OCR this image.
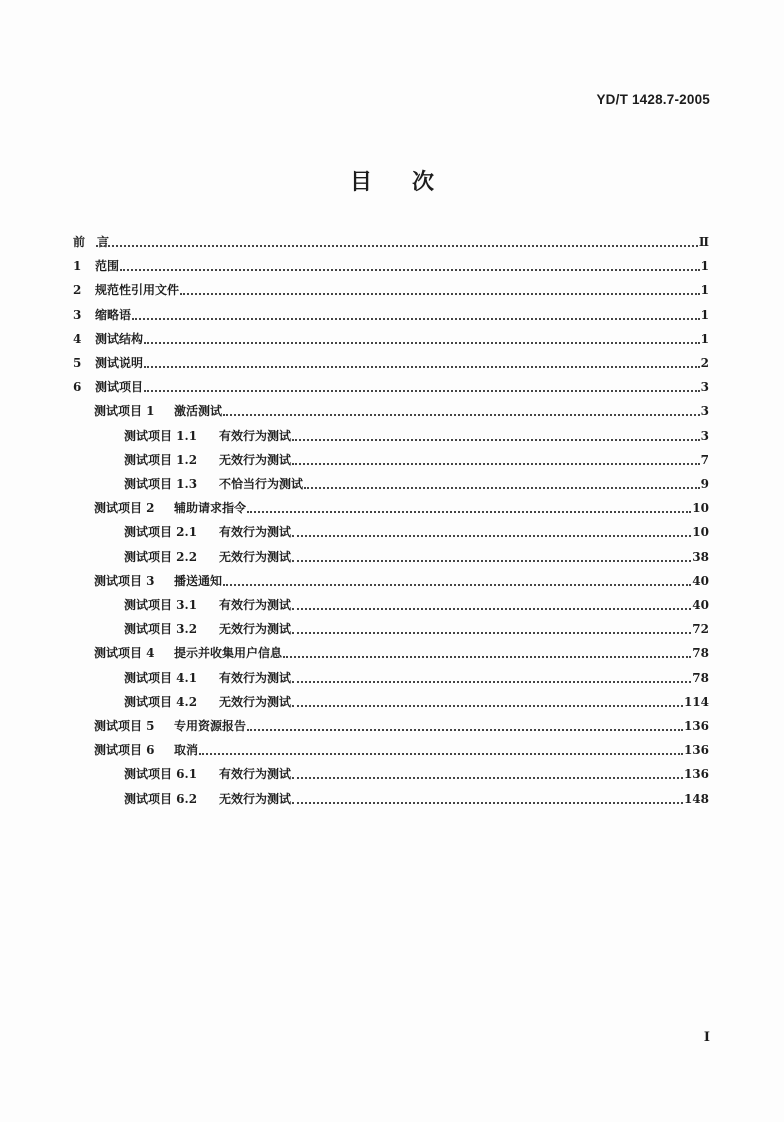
YD/T 1428.7-2005
目 次
前　言	Ⅱ
1	范围	1
2	规范性引用文件	1
3	缩略语	1
4	测试结构	1
5	测试说明	2
6	测试项目	3
测试项目 1	激活测试	3
测试项目 1.1	有效行为测试	3
测试项目 1.2	无效行为测试	7
测试项目 1.3	不恰当行为测试	9
测试项目 2	辅助请求指令	10
测试项目 2.1	有效行为测试	10
测试项目 2.2	无效行为测试	38
测试项目 3	播送通知	40
测试项目 3.1	有效行为测试	40
测试项目 3.2	无效行为测试	72
测试项目 4	提示并收集用户信息	78
测试项目 4.1	有效行为测试	78
测试项目 4.2	无效行为测试	114
测试项目 5	专用资源报告	136
测试项目 6	取消	136
测试项目 6.1	有效行为测试	136
测试项目 6.2	无效行为测试	148
I
